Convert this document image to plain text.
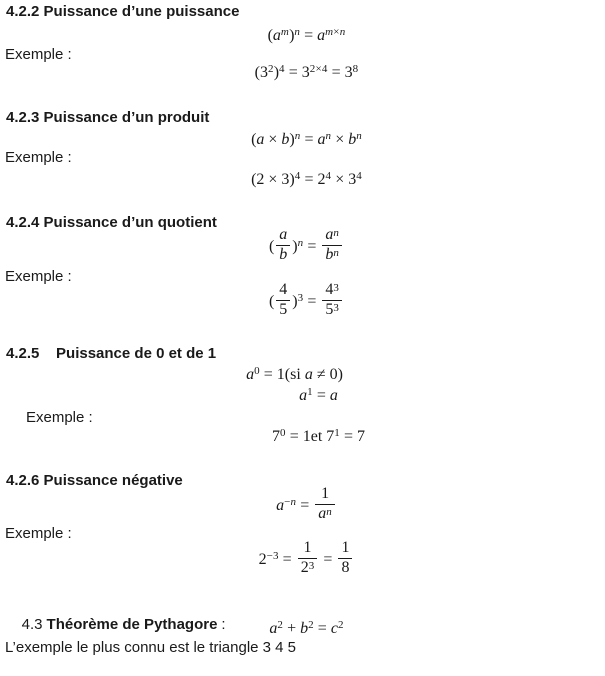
4.2.2 Puissance d’une puissance
(am)n = am×n
Exemple :
(32)4 = 32×4 = 38
4.2.3 Puissance d’un produit
(a × b)n = an × bn
Exemple :
(2 × 3)4 = 24 × 34
4.2.4 Puissance d’un quotient
( $\frac{a}{b} )n = \frac{an}{bn}$
Exemple :
( $\frac{4}{5} )3 = \frac{43}{53}$
4.2.5    Puissance de 0 et de 1
a0 = 1(si a ≠ 0)
a1 = a
Exemple :
70 = 1et 71 = 7
4.2.6 Puissance négative
$a-n = \frac{1}{an}$
Exemple :
$2-3 = \frac{1}{23} = \frac{1}{8}$

4.3 Théorème de Pythagore :
	a2 + b2 = c2
L’exemple le plus connu est le triangle 3 4 5
